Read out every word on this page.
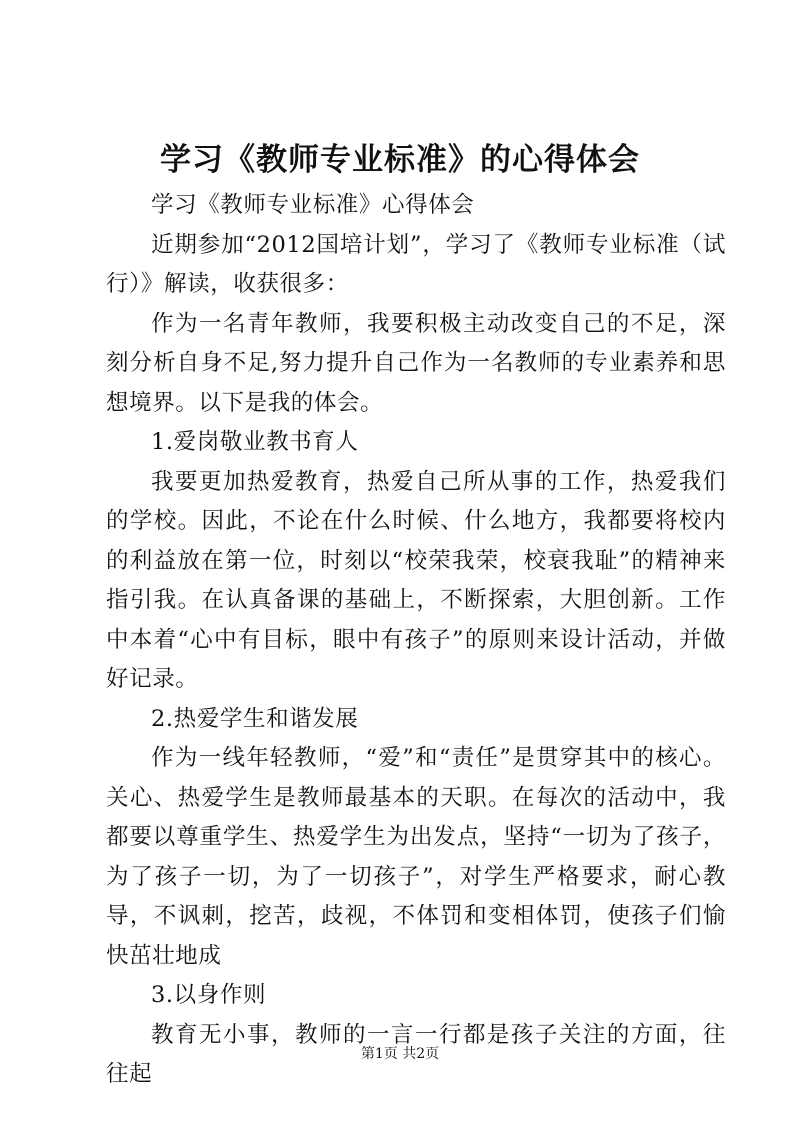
学习《教师专业标准》的心得体会

学习《教师专业标准》心得体会

近期参加“2012国培计划”，学习了《教师专业标准（试行）》解读，收获很多：

作为一名青年教师，我要积极主动改变自己的不足，深刻分析自身不足,努力提升自己作为一名教师的专业素养和思想境界。以下是我的体会。

1.爱岗敬业教书育人

我要更加热爱教育，热爱自己所从事的工作，热爱我们的学校。因此，不论在什么时候、什么地方，我都要将校内的利益放在第一位，时刻以“校荣我荣，校衰我耻”的精神来指引我。在认真备课的基础上，不断探索，大胆创新。工作中本着“心中有目标，眼中有孩子”的原则来设计活动，并做好记录。

2.热爱学生和谐发展

作为一线年轻教师，“爱”和“责任”是贯穿其中的核心。关心、热爱学生是教师最基本的天职。在每次的活动中，我都要以尊重学生、热爱学生为出发点，坚持“一切为了孩子，为了孩子一切，为了一切孩子”，对学生严格要求，耐心教导，不讽刺，挖苦，歧视，不体罚和变相体罚，使孩子们愉快茁壮地成

3.以身作则

教育无小事，教师的一言一行都是孩子关注的方面，往往起

第1页 共2页
